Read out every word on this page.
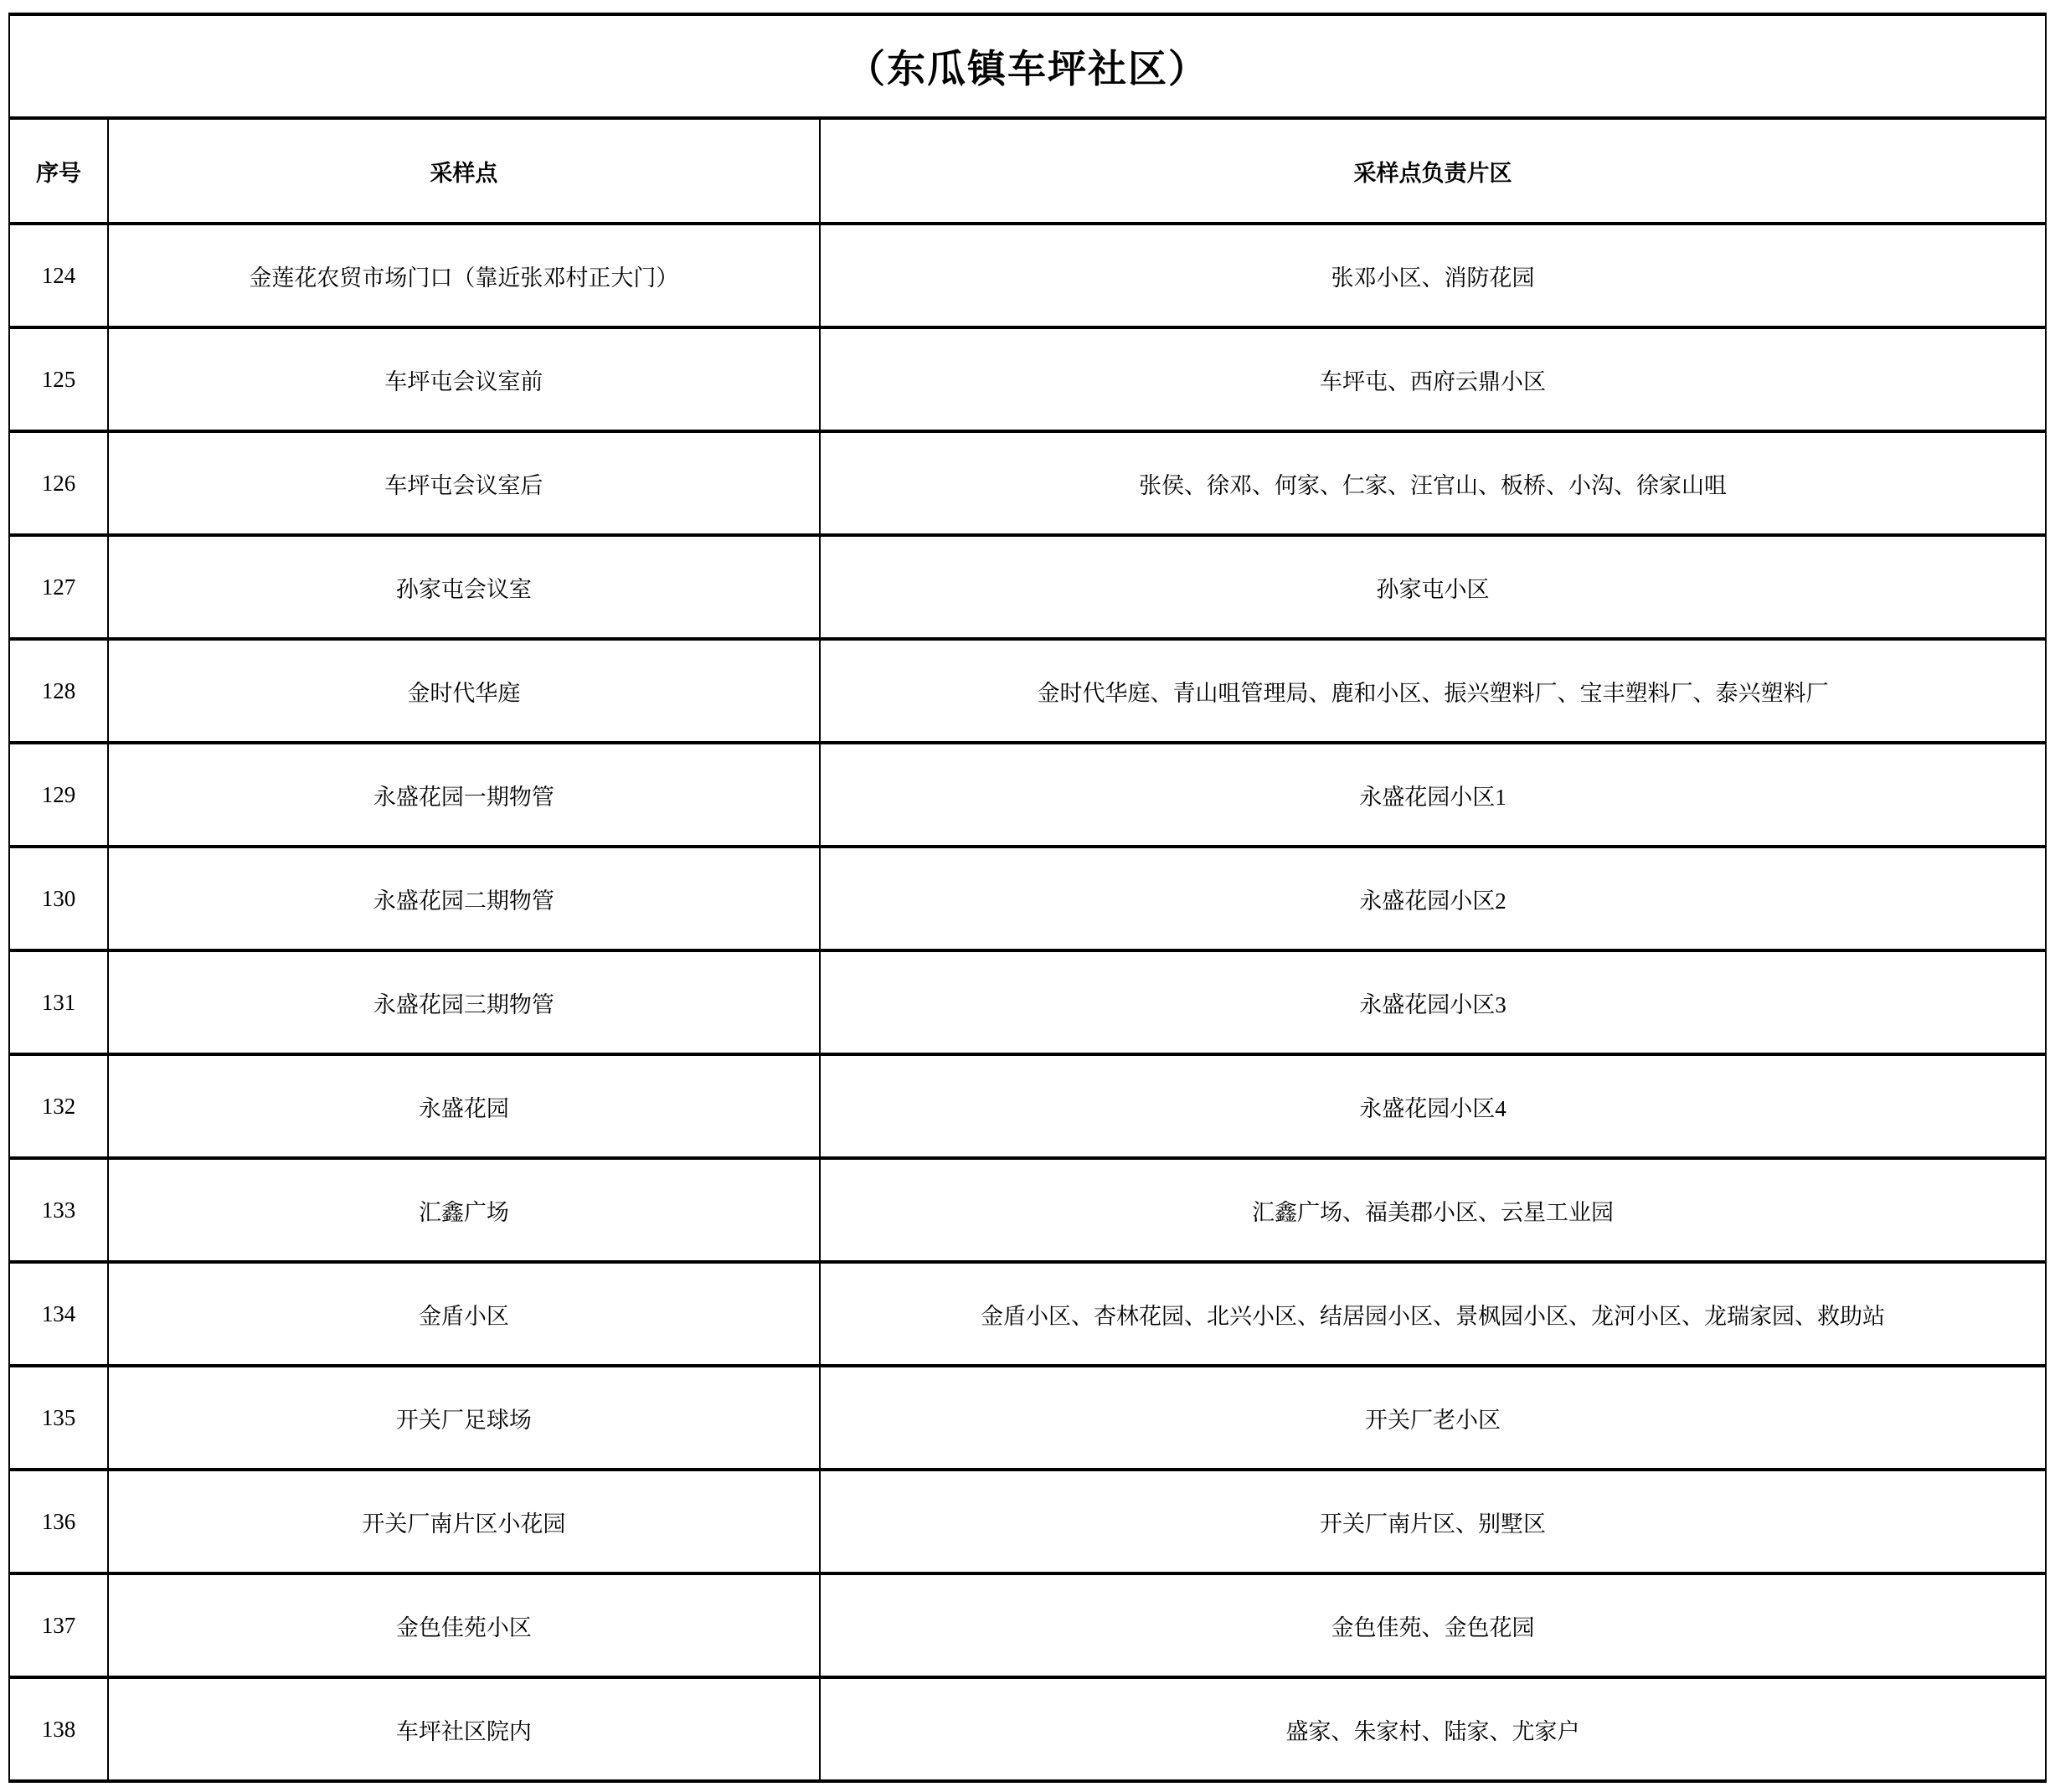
（东瓜镇车坪社区）		
序号	采样点	采样点负责片区
124	金莲花农贸市场门口（靠近张邓村正大门）	张邓小区、消防花园
125	车坪屯会议室前	车坪屯、西府云鼎小区
126	车坪屯会议室后	张侯、徐邓、何家、仁家、汪官山、板桥、小沟、徐家山咀
127	孙家屯会议室	孙家屯小区
128	金时代华庭	金时代华庭、青山咀管理局、鹿和小区、振兴塑料厂、宝丰塑料厂、泰兴塑料厂
129	永盛花园一期物管	永盛花园小区1
130	永盛花园二期物管	永盛花园小区2
131	永盛花园三期物管	永盛花园小区3
132	永盛花园	永盛花园小区4
133	汇鑫广场	汇鑫广场、福美郡小区、云星工业园
134	金盾小区	金盾小区、杏林花园、北兴小区、结居园小区、景枫园小区、龙河小区、龙瑞家园、救助站
135	开关厂足球场	开关厂老小区
136	开关厂南片区小花园	开关厂南片区、别墅区
137	金色佳苑小区	金色佳苑、金色花园
138	车坪社区院内	盛家、朱家村、陆家、尤家户
